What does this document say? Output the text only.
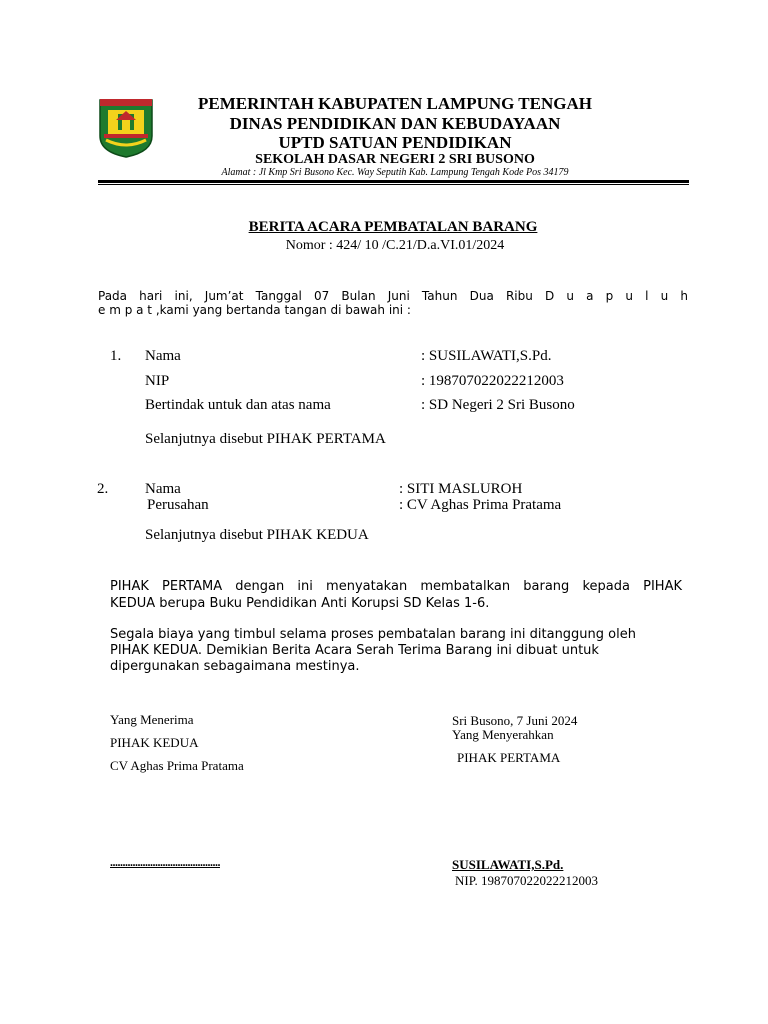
PEMERINTAH KABUPATEN LAMPUNG TENGAH
DINAS PENDIDIKAN DAN KEBUDAYAAN
UPTD SATUAN PENDIDIKAN
SEKOLAH DASAR NEGERI 2 SRI BUSONO
Alamat : Jl Kmp Sri Busono Kec. Way Seputih Kab. Lampung Tengah Kode Pos 34179
BERITA ACARA PEMBATALAN BARANG
Nomor : 424/ 10 /C.21/D.a.VI.01/2024
Pada hari ini, Jum’at Tanggal 07 Bulan Juni Tahun Dua Ribu D u a p u l u h
e m p a t ,kami yang bertanda tangan di bawah ini :
1. Nama	: SUSILAWATI,S.Pd.
NIP	: 198707022022212003
Bertindak untuk dan atas nama	: SD Negeri 2 Sri Busono
Selanjutnya disebut PIHAK PERTAMA
2. Nama	: SITI MASLUROH
Perusahan	: CV Aghas Prima Pratama
Selanjutnya disebut PIHAK KEDUA
PIHAK PERTAMA dengan ini menyatakan membatalkan barang kepada PIHAK
KEDUA berupa Buku Pendidikan Anti Korupsi SD Kelas 1-6.
Segala biaya yang timbul selama proses pembatalan barang ini ditanggung oleh
PIHAK KEDUA. Demikian Berita Acara Serah Terima Barang ini dibuat untuk
dipergunakan sebagaimana mestinya.
Yang Menerima
PIHAK KEDUA
CV Aghas Prima Pratama
............................................
Sri Busono, 7 Juni 2024
Yang Menyerahkan
PIHAK PERTAMA
SUSILAWATI,S.Pd.
NIP. 198707022022212003
